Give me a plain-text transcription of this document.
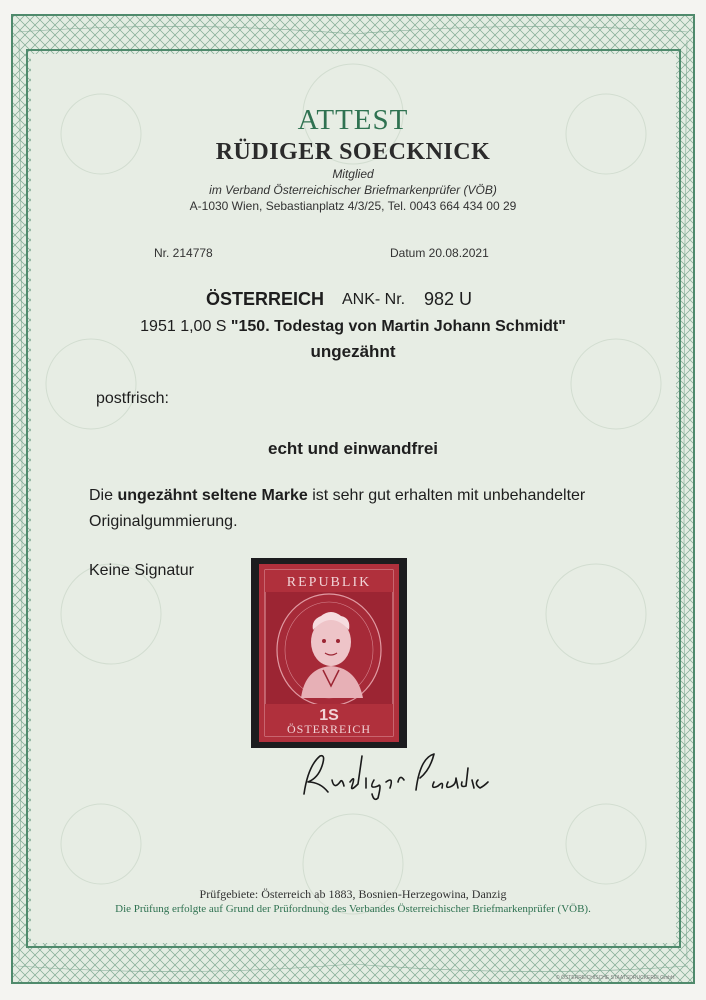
ATTEST
RÜDIGER SOECKNICK
Mitglied
im Verband Österreichischer Briefmarkenprüfer (VÖB)
A-1030 Wien, Sebastianplatz 4/3/25, Tel. 0043 664 434 00 29
Nr. 214778	Datum 20.08.2021
ÖSTERREICH ANK- Nr. 982 U
1951 1,00 S "150. Todestag von Martin Johann Schmidt"
ungezähnt
postfrisch:
echt und einwandfrei
Die ungezähnt seltene Marke ist sehr gut erhalten mit unbehandelter
Originalgummierung.
Keine Signatur
REPUBLIK
1S
ÖSTERREICH
Prüfgebiete: Österreich ab 1883, Bosnien-Herzegowina, Danzig
Die Prüfung erfolgte auf Grund der Prüfordnung des Verbandes Österreichischer Briefmarkenprüfer (VÖB).
© ÖSTERREICHISCHE STAATSDRUCKEREI GmbH
